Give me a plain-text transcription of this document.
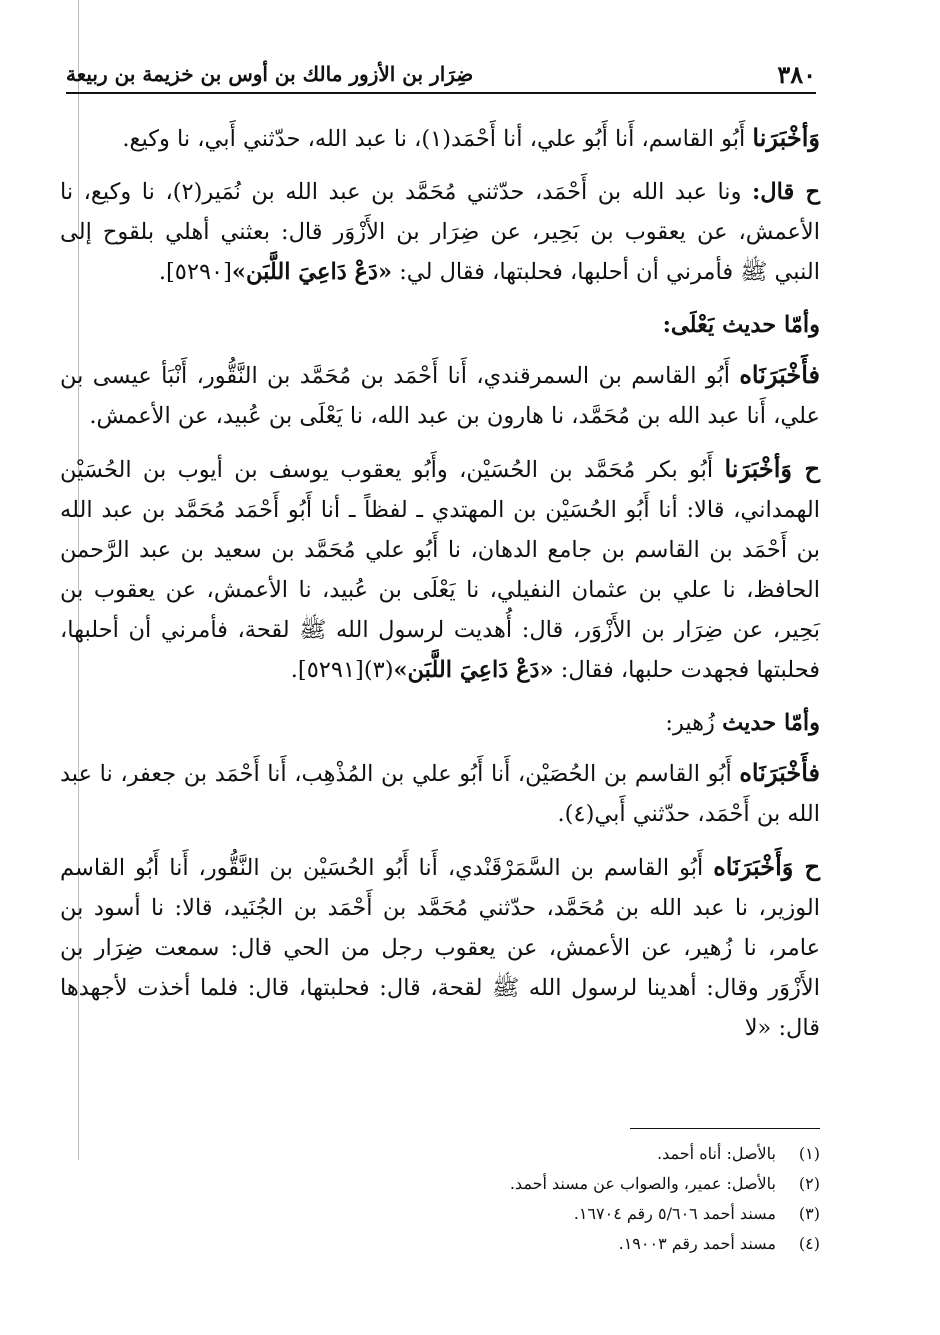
٣٨٠
ضِرَار بن الأزور مالك بن أوس بن خزيمة بن ربيعة

وَأخْبَرَنا أَبُو القاسم، أَنا أَبُو علي، أنا أَحْمَد(١)، نا عبد الله، حدّثني أَبي، نا وكيع.

ح قال: ونا عبد الله بن أَحْمَد، حدّثني مُحَمَّد بن عبد الله بن نُمَير(٢)، نا وكيع، نا الأعمش، عن يعقوب بن بَحِير، عن ضِرَار بن الأَزْوَر قال: بعثني أهلي بلقوح إلى النبي ﷺ فأمرني أن أحلبها، فحلبتها، فقال لي: «دَعْ دَاعِيَ اللَّبَن»[٥٢٩٠].

وأمّا حديث يَعْلَى:

فأَخْبَرَنَاه أَبُو القاسم بن السمرقندي، أَنا أَحْمَد بن مُحَمَّد بن النَّقُّور، أَنْبَأ عيسى بن علي، أَنا عبد الله بن مُحَمَّد، نا هارون بن عبد الله، نا يَعْلَى بن عُبيد، عن الأعمش.

ح وَأخْبَرَنا أَبُو بكر مُحَمَّد بن الحُسَيْن، وأَبُو يعقوب يوسف بن أيوب بن الحُسَيْن الهمداني، قالا: أنا أَبُو الحُسَيْن بن المهتدي ـ لفظاً ـ أنا أَبُو أَحْمَد مُحَمَّد بن عبد الله بن أَحْمَد بن القاسم بن جامع الدهان، نا أَبُو علي مُحَمَّد بن سعيد بن عبد الرَّحمن الحافظ، نا علي بن عثمان النفيلي، نا يَعْلَى بن عُبيد، نا الأعمش، عن يعقوب بن بَحِير، عن ضِرَار بن الأَزْوَر، قال: أُهديت لرسول الله ﷺ لقحة، فأمرني أن أحلبها، فحلبتها فجهدت حلبها، فقال: «دَعْ دَاعِيَ اللَّبَن»(٣)[٥٢٩١].

وأمّا حديث زُهير:

فأَخْبَرَنَاه أَبُو القاسم بن الحُصَيْن، أَنا أَبُو علي بن المُذْهِب، أَنا أَحْمَد بن جعفر، نا عبد الله بن أَحْمَد، حدّثني أَبي(٤).

ح وَأَخْبَرَنَاه أَبُو القاسم بن السَّمَرْقَنْدي، أَنا أَبُو الحُسَيْن بن النَّقُّور، أَنا أَبُو القاسم الوزير، نا عبد الله بن مُحَمَّد، حدّثني مُحَمَّد بن أَحْمَد بن الجُنَيد، قالا: نا أسود بن عامر، نا زُهير، عن الأعمش، عن يعقوب رجل من الحي قال: سمعت ضِرَار بن الأَزْوَر وقال: أهدينا لرسول الله ﷺ لقحة، قال: فحلبتها، قال: فلما أخذت لأجهدها قال: «لا

(١)
بالأصل: أناه أحمد.
(٢)
بالأصل: عمير، والصواب عن مسند أحمد.
(٣)
مسند أحمد ٥/٦٠٦ رقم ١٦٧٠٤.
(٤)
مسند أحمد رقم ١٩٠٠٣.
